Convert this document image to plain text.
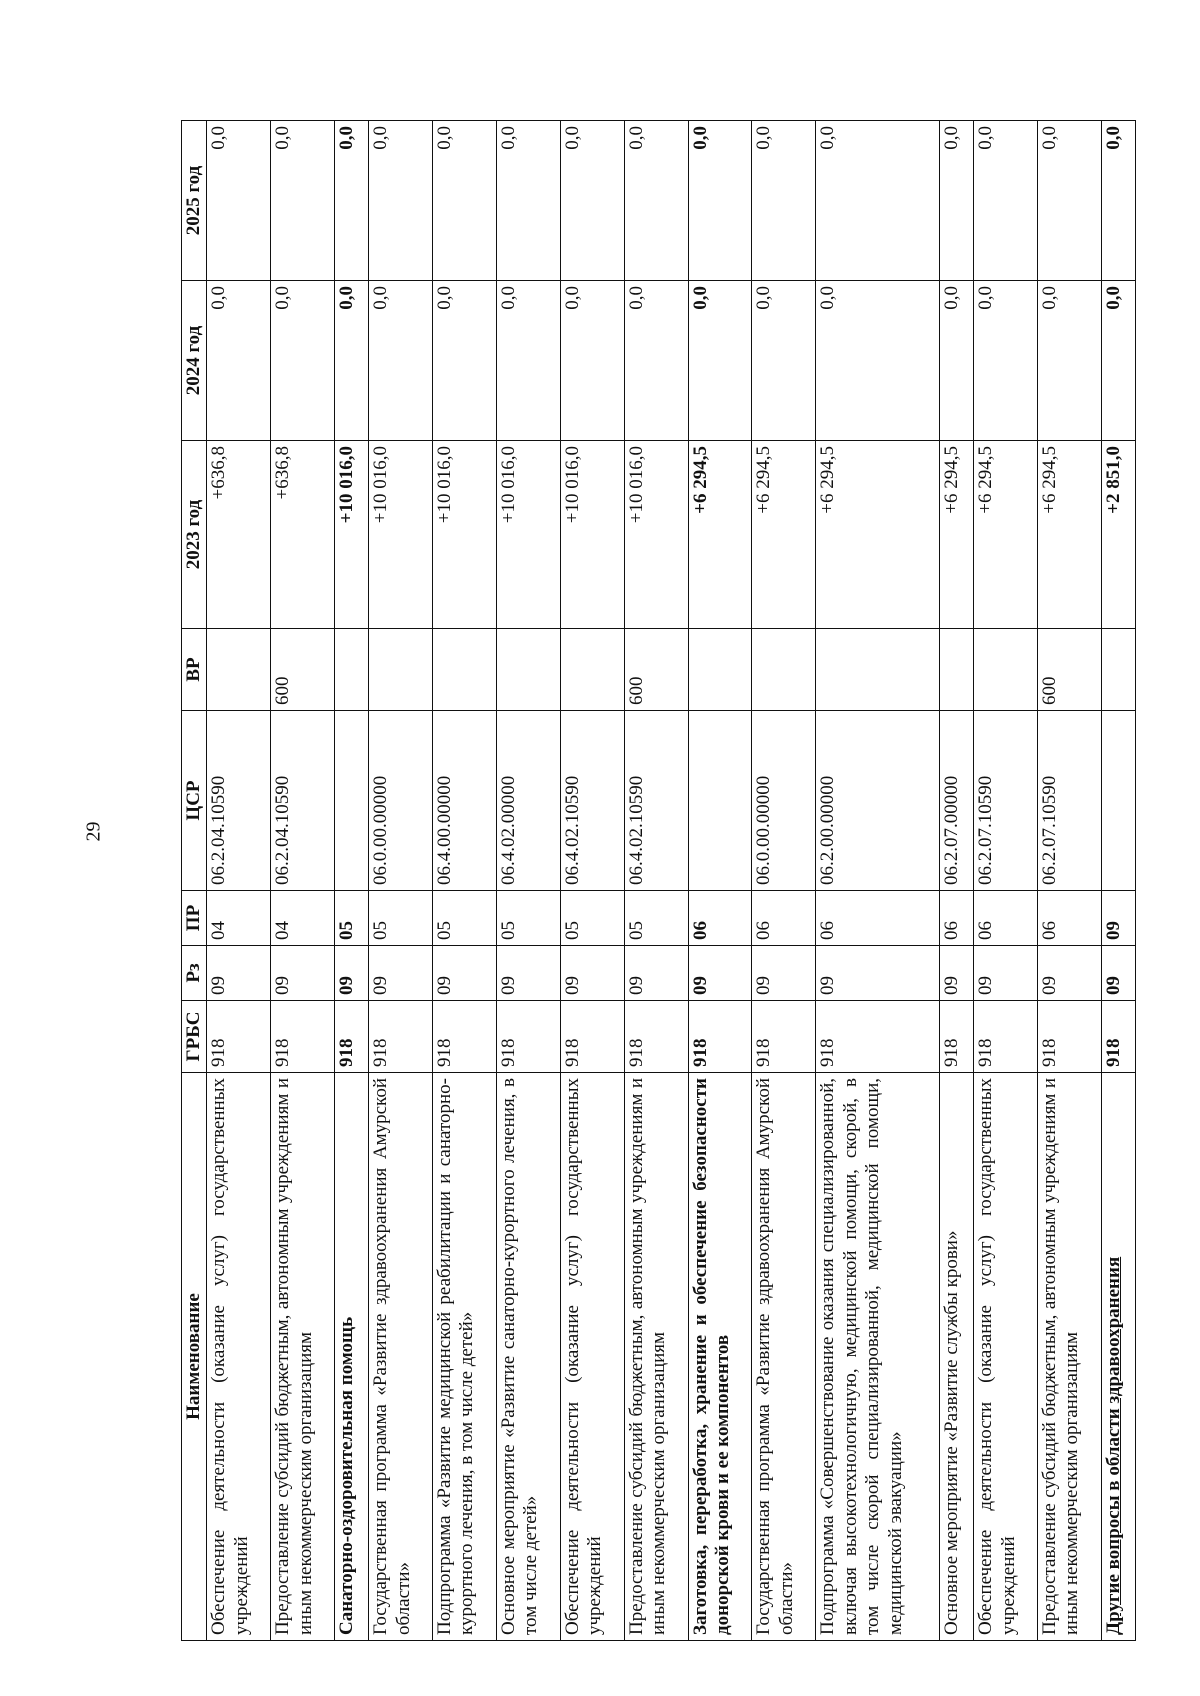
29
Наименование	ГРБС	Рз	ПР	ЦСР	ВР	2023 год	2024 год	2025 год
Обеспечение деятельности (оказание услуг) государственных учреждений	918	09	04	06.2.04.10590		+636,8	0,0	0,0
Предоставление субсидий бюджетным, автономным учреждениям и иным некоммерческим организациям	918	09	04	06.2.04.10590	600	+636,8	0,0	0,0
Санаторно-оздоровительная помощь	918	09	05			+10 016,0	0,0	0,0
Государственная программа «Развитие здравоохранения Амурской области»	918	09	05	06.0.00.00000		+10 016,0	0,0	0,0
Подпрограмма «Развитие медицинской реабилитации и санаторно-курортного лечения, в том числе детей»	918	09	05	06.4.00.00000		+10 016,0	0,0	0,0
Основное мероприятие «Развитие санаторно-курортного лечения, в том числе детей»	918	09	05	06.4.02.00000		+10 016,0	0,0	0,0
Обеспечение деятельности (оказание услуг) государственных учреждений	918	09	05	06.4.02.10590		+10 016,0	0,0	0,0
Предоставление субсидий бюджетным, автономным учреждениям и иным некоммерческим организациям	918	09	05	06.4.02.10590	600	+10 016,0	0,0	0,0
Заготовка, переработка, хранение и обеспечение безопасности донорской крови и ее компонентов	918	09	06			+6 294,5	0,0	0,0
Государственная программа «Развитие здравоохранения Амурской области»	918	09	06	06.0.00.00000		+6 294,5	0,0	0,0
Подпрограмма «Совершенствование оказания специализированной, включая высокотехнологичную, медицинской помощи, скорой, в том числе скорой специализированной, медицинской помощи, медицинской эвакуации»	918	09	06	06.2.00.00000		+6 294,5	0,0	0,0
Основное мероприятие «Развитие службы крови»	918	09	06	06.2.07.00000		+6 294,5	0,0	0,0
Обеспечение деятельности (оказание услуг) государственных учреждений	918	09	06	06.2.07.10590		+6 294,5	0,0	0,0
Предоставление субсидий бюджетным, автономным учреждениям и иным некоммерческим организациям	918	09	06	06.2.07.10590	600	+6 294,5	0,0	0,0
Другие вопросы в области здравоохранения	918	09	09			+2 851,0	0,0	0,0
